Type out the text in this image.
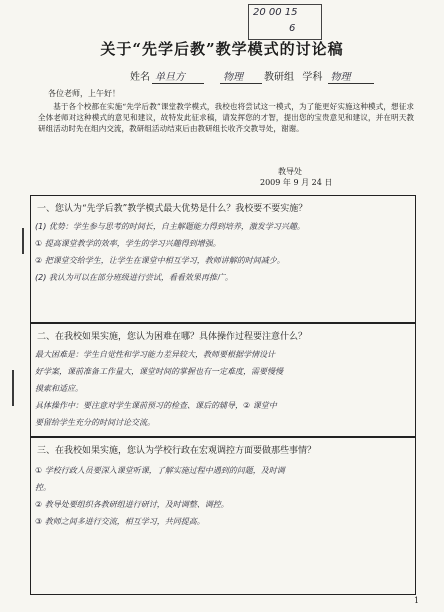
20 00 15
6
关于“先学后教”教学模式的讨论稿
姓名 单旦方	物理 教研组 学科 物理
各位老师，上午好！
基于各个校都在实施“先学后教”课堂教学模式，我校也将尝试这一模式，为了能更好实施这种模式，想征求全体老师对这种模式的意见和建议，故特发此征求稿，请发挥您的才智，提出您的宝贵意见和建议，并在明天教研组活动时先在组内交流，教研组活动结束后由教研组长收齐交教导处，谢谢。
教导处
2009 年 9 月 24 日
一、您认为“先学后教”教学模式最大优势是什么？我校要不要实施？
(1) 优势：学生参与思考的时间长，自主解题能力得到培养，激发学习兴趣。
① 提高课堂教学的效率，学生的学习兴趣得到增强。
② 把课堂交给学生，让学生在课堂中相互学习，教师讲解的时间减少。
(2) 我认为可以在部分班级进行尝试，看看效果再推广。
二、在我校如果实施，您认为困难在哪？具体操作过程要注意什么？
最大困难是：学生自觉性和学习能力差异较大，教师要根据学情设计
好学案，课前准备工作量大，课堂时间的掌握也有一定难度，需要慢慢
摸索和适应。
具体操作中：要注意对学生课前预习的检查、课后的辅导，② 课堂中
要留给学生充分的时间讨论交流。
三、在我校如果实施，您认为学校行政在宏观调控方面要做那些事情？
① 学校行政人员要深入课堂听课，了解实施过程中遇到的问题，及时调
控。
② 教导处要组织各教研组进行研讨，及时调整、调控。
③ 教师之间多进行交流，相互学习，共同提高。
1
